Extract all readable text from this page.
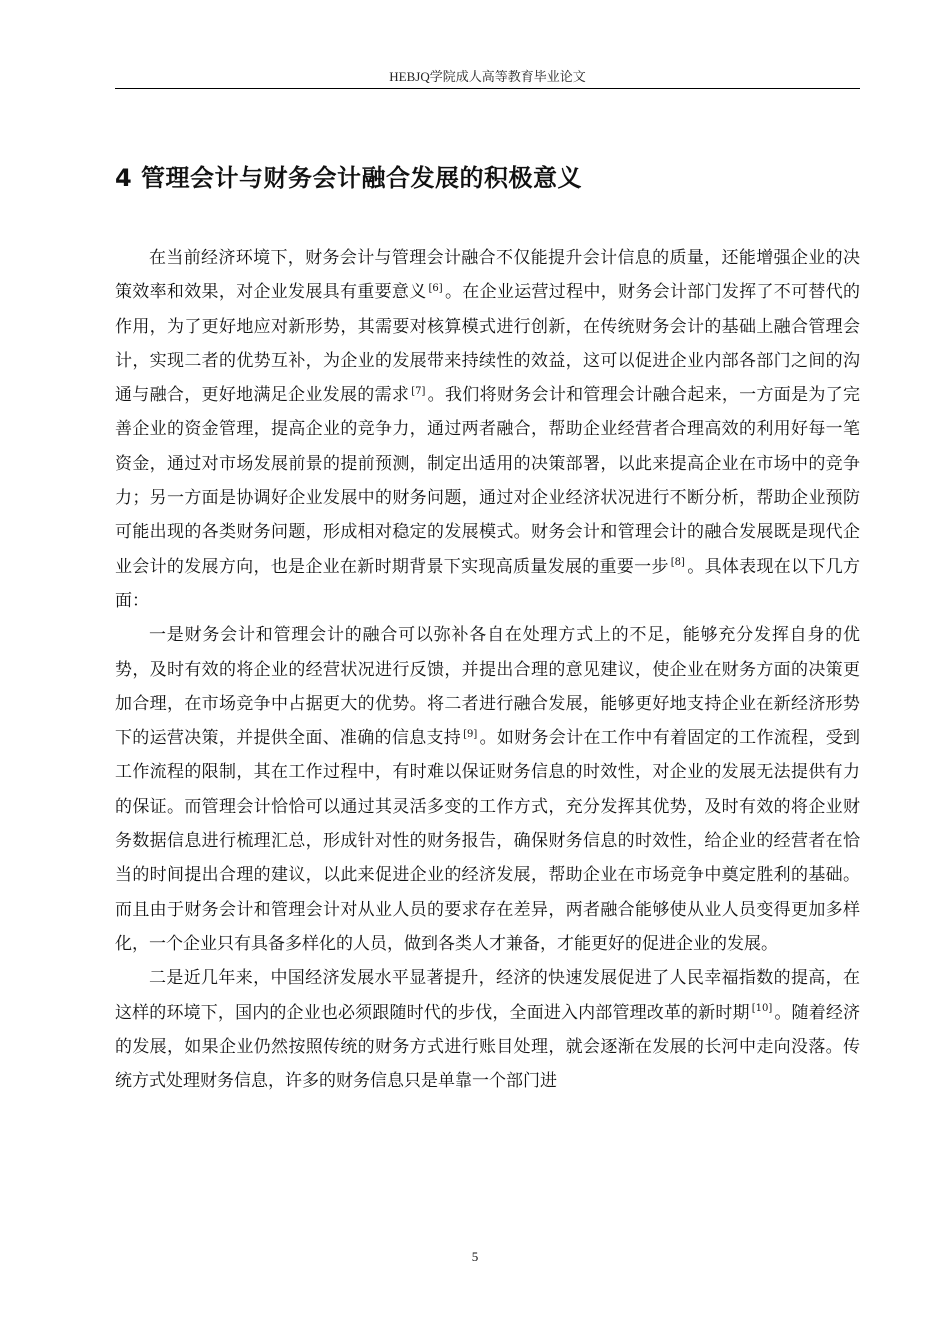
HEBJQ学院成人高等教育毕业论文
4 管理会计与财务会计融合发展的积极意义

在当前经济环境下，财务会计与管理会计融合不仅能提升会计信息的质量，还能增强企业的决策效率和效果，对企业发展具有重要意义 [6] 。在企业运营过程中，财务会计部门发挥了不可替代的作用，为了更好地应对新形势，其需要对核算模式进行创新，在传统财务会计的基础上融合管理会计，实现二者的优势互补，为企业的发展带来持续性的效益，这可以促进企业内部各部门之间的沟通与融合，更好地满足企业发展的需求 [7] 。我们将财务会计和管理会计融合起来，一方面是为了完善企业的资金管理，提高企业的竞争力，通过两者融合，帮助企业经营者合理高效的利用好每一笔资金，通过对市场发展前景的提前预测，制定出适用的决策部署，以此来提高企业在市场中的竞争力；另一方面是协调好企业发展中的财务问题，通过对企业经济状况进行不断分析，帮助企业预防可能出现的各类财务问题，形成相对稳定的发展模式。财务会计和管理会计的融合发展既是现代企业会计的发展方向，也是企业在新时期背景下实现高质量发展的重要一步 [8] 。具体表现在以下几方面：

一是财务会计和管理会计的融合可以弥补各自在处理方式上的不足，能够充分发挥自身的优势，及时有效的将企业的经营状况进行反馈，并提出合理的意见建议，使企业在财务方面的决策更加合理，在市场竞争中占据更大的优势。将二者进行融合发展，能够更好地支持企业在新经济形势下的运营决策，并提供全面、准确的信息支持 [9] 。如财务会计在工作中有着固定的工作流程，受到工作流程的限制，其在工作过程中，有时难以保证财务信息的时效性，对企业的发展无法提供有力的保证。而管理会计恰恰可以通过其灵活多变的工作方式，充分发挥其优势，及时有效的将企业财务数据信息进行梳理汇总，形成针对性的财务报告，确保财务信息的时效性，给企业的经营者在恰当的时间提出合理的建议，以此来促进企业的经济发展，帮助企业在市场竞争中奠定胜利的基础。而且由于财务会计和管理会计对从业人员的要求存在差异，两者融合能够使从业人员变得更加多样化，一个企业只有具备多样化的人员，做到各类人才兼备，才能更好的促进企业的发展。

二是近几年来，中国经济发展水平显著提升，经济的快速发展促进了人民幸福指数的提高，在这样的环境下，国内的企业也必须跟随时代的步伐，全面进入内部管理改革的新时期 [10] 。随着经济的发展，如果企业仍然按照传统的财务方式进行账目处理，就会逐渐在发展的长河中走向没落。传统方式处理财务信息，许多的财务信息只是单靠一个部门进

5
